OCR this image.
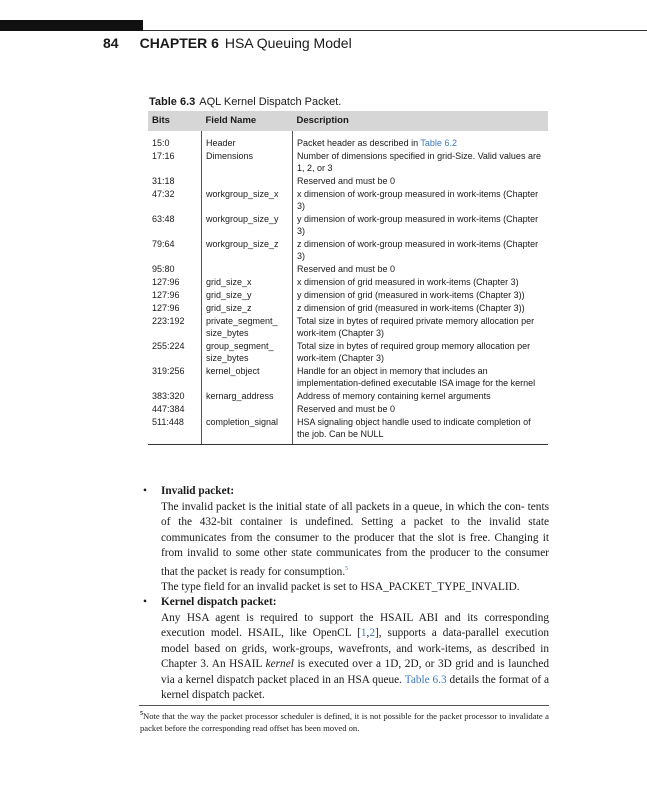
84 CHAPTER 6 HSA Queuing Model
Table 6.3 AQL Kernel Dispatch Packet.
Bits	Field Name	Description
15:0	Header	Packet header as described in Table 6.2
17:16	Dimensions	Number of dimensions specified in grid-Size. Valid values are 1, 2, or 3
31:18		Reserved and must be 0
47:32	workgroup_size_x	x dimension of work-group measured in work-items (Chapter 3)
63:48	workgroup_size_y	y dimension of work-group measured in work-items (Chapter 3)
79:64	workgroup_size_z	z dimension of work-group measured in work-items (Chapter 3)
95:80		Reserved and must be 0
127:96	grid_size_x	x dimension of grid measured in work-items (Chapter 3)
127:96	grid_size_y	y dimension of grid (measured in work-items (Chapter 3))
127:96	grid_size_z	z dimension of grid (measured in work-items (Chapter 3))
223:192	private_segment_ size_bytes	Total size in bytes of required private memory allocation per work-item (Chapter 3)
255:224	group_segment_ size_bytes	Total size in bytes of required group memory allocation per work-item (Chapter 3)
319:256	kernel_object	Handle for an object in memory that includes an implementation-defined executable ISA image for the kernel
383:320	kernarg_address	Address of memory containing kernel arguments
447:384		Reserved and must be 0
511:448	completion_signal	HSA signaling object handle used to indicate completion of the job. Can be NULL
• Invalid packet:
The invalid packet is the initial state of all packets in a queue, in which the con- tents of the 432-bit container is undefined. Setting a packet to the invalid state communicates from the consumer to the producer that the slot is free. Changing it from invalid to some other state communicates from the producer to the consumer that the packet is ready for consumption.$^5$
The type field for an invalid packet is set to HSA_PACKET_TYPE_INVALID.
• Kernel dispatch packet:
Any HSA agent is required to support the HSAIL ABI and its corresponding execution model. HSAIL, like OpenCL [1,2], supports a data-parallel execution model based on grids, work-groups, wavefronts, and work-items, as described in Chapter 3. An HSAIL kernel is executed over a 1D, 2D, or 3D grid and is launched via a kernel dispatch packet placed in an HSA queue. Table 6.3 details the format of a kernel dispatch packet.
$^5$Note that the way the packet processor scheduler is defined, it is not possible for the packet processor to invalidate a packet before the corresponding read offset has been moved on.
